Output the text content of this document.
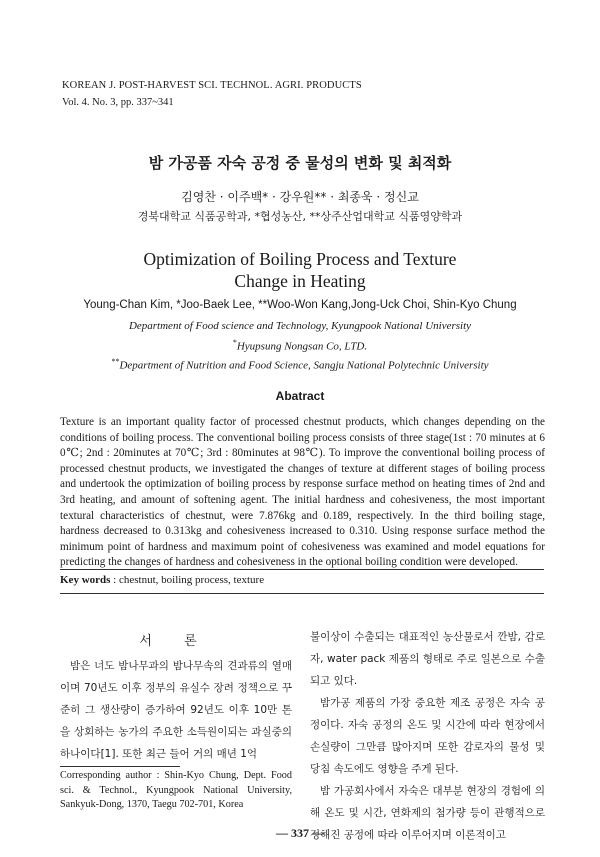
KOREAN J. POST-HARVEST SCI. TECHNOL. AGRI. PRODUCTS
Vol. 4. No. 3, pp. 337~341
밤 가공품 자숙 공정 중 물성의 변화 및 최적화
김영찬 · 이주백* · 강우원** · 최종욱 · 정신교
경북대학교 식품공학과, *협성농산, **상주산업대학교 식품영양학과
Optimization of Boiling Process and Texture
Change in Heating
Young-Chan Kim, *Joo-Baek Lee, **Woo-Won Kang,Jong-Uck Choi, Shin-Kyo Chung
Department of Food science and Technology, Kyungpook National University
*Hyupsung Nongsan Co, LTD.
**Department of Nutrition and Food Science, Sangju National Polytechnic University
Abatract
Texture is an important quality factor of processed chestnut products, which changes depending on the conditions of boiling process. The conventional boiling process consists of three stage(1st : 70 minutes at 6 0℃; 2nd : 20minutes at 70℃; 3rd : 80minutes at 98℃). To improve the conventional boiling process of processed chestnut products, we investigated the changes of texture at different stages of boiling process and undertook the optimization of boiling process by response surface method on heating times of 2nd and 3rd heating, and amount of softening agent. The initial hardness and cohesiveness, the most important textural characteristics of chestnut, were 7.876kg and 0.189, respectively. In the third boiling stage, hardness decreased to 0.313kg and cohesiveness increased to 0.310. Using response surface method the minimum point of hardness and maximum point of cohesiveness was examined and model equations for predicting the changes of hardness and cohesiveness in the optional boiling condition were developed.
Key words : chestnut, boiling process, texture
서 론
밤은 너도 밤나무과의 밤나무속의 견과류의 열매이며 70년도 이후 정부의 유실수 장려 정책으로 꾸준히 그 생산량이 증가하여 92년도 이후 10만 톤을 상회하는 농가의 주요한 소득원이되는 과실중의 하나이다[1]. 또한 최근 들어 거의 매년 1억
불이상이 수출되는 대표적인 농산물로서 깐밤, 감로자, water pack 제품의 형태로 주로 일본으로 수출되고 있다.
밤가공 제품의 가장 중요한 제조 공정은 자숙 공정이다. 자숙 공정의 온도 및 시간에 따라 현장에서 손실량이 그만큼 많아지며 또한 감로자의 물성 및 당침 속도에도 영향을 주게 된다.
밤 가공회사에서 자숙은 대부분 현장의 경험에 의해 온도 및 시간, 연화제의 첨가량 등이 관행적으로 정해진 공정에 따라 이루어지며 이론적이고
Corresponding author : Shin-Kyo Chung, Dept. Food sci. & Technol., Kyungpook National University, Sankyuk-Dong, 1370, Taegu 702-701, Korea
— 337 —
